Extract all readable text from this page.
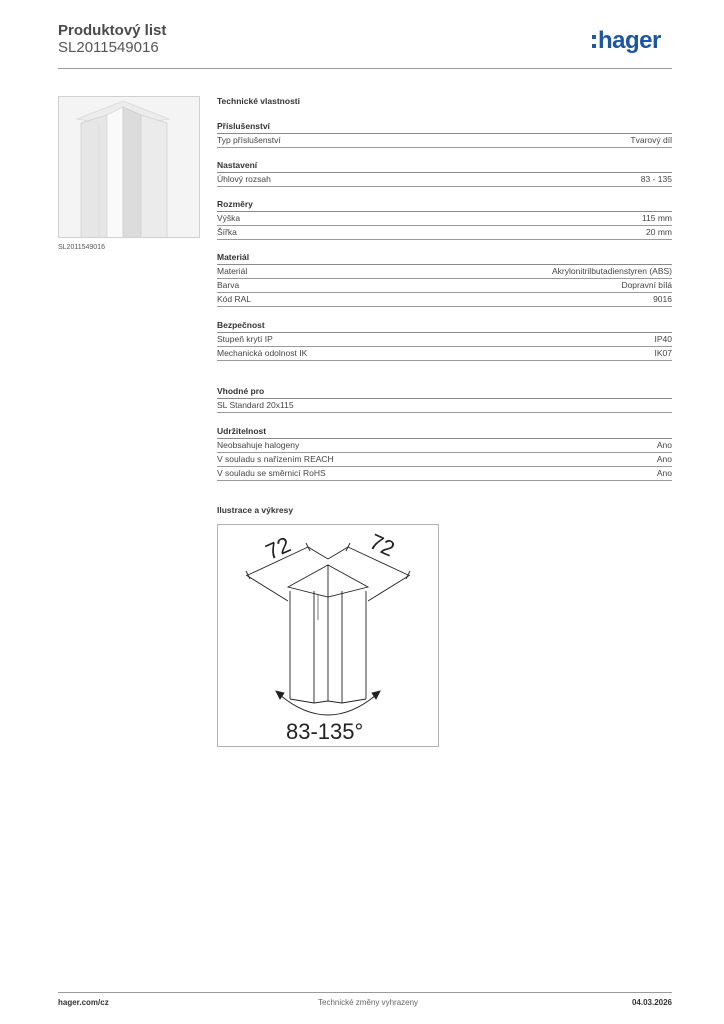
Produktový list
SL2011549016	hager
SL2011549016
Technické vlastnosti
Příslušenství
Typ příslušenství	Tvarový díl
Nastavení
Úhlový rozsah	83 - 135
Rozměry
Výška	115 mm
Šířka	20 mm
Materiál
Materiál	Akrylonitrilbutadienstyren (ABS)
Barva	Dopravní bílá
Kód RAL	9016
Bezpečnost
Stupeň krytí IP	IP40
Mechanická odolnost IK	IK07
Vhodné pro
SL Standard 20x115
Udržitelnost
Neobsahuje halogeny	Ano
V souladu s nařízením REACH	Ano
V souladu se směrnicí RoHS	Ano
Ilustrace a výkresy
72	72
83-135°
hager.com/cz	Technické změny vyhrazeny	04.03.2026
